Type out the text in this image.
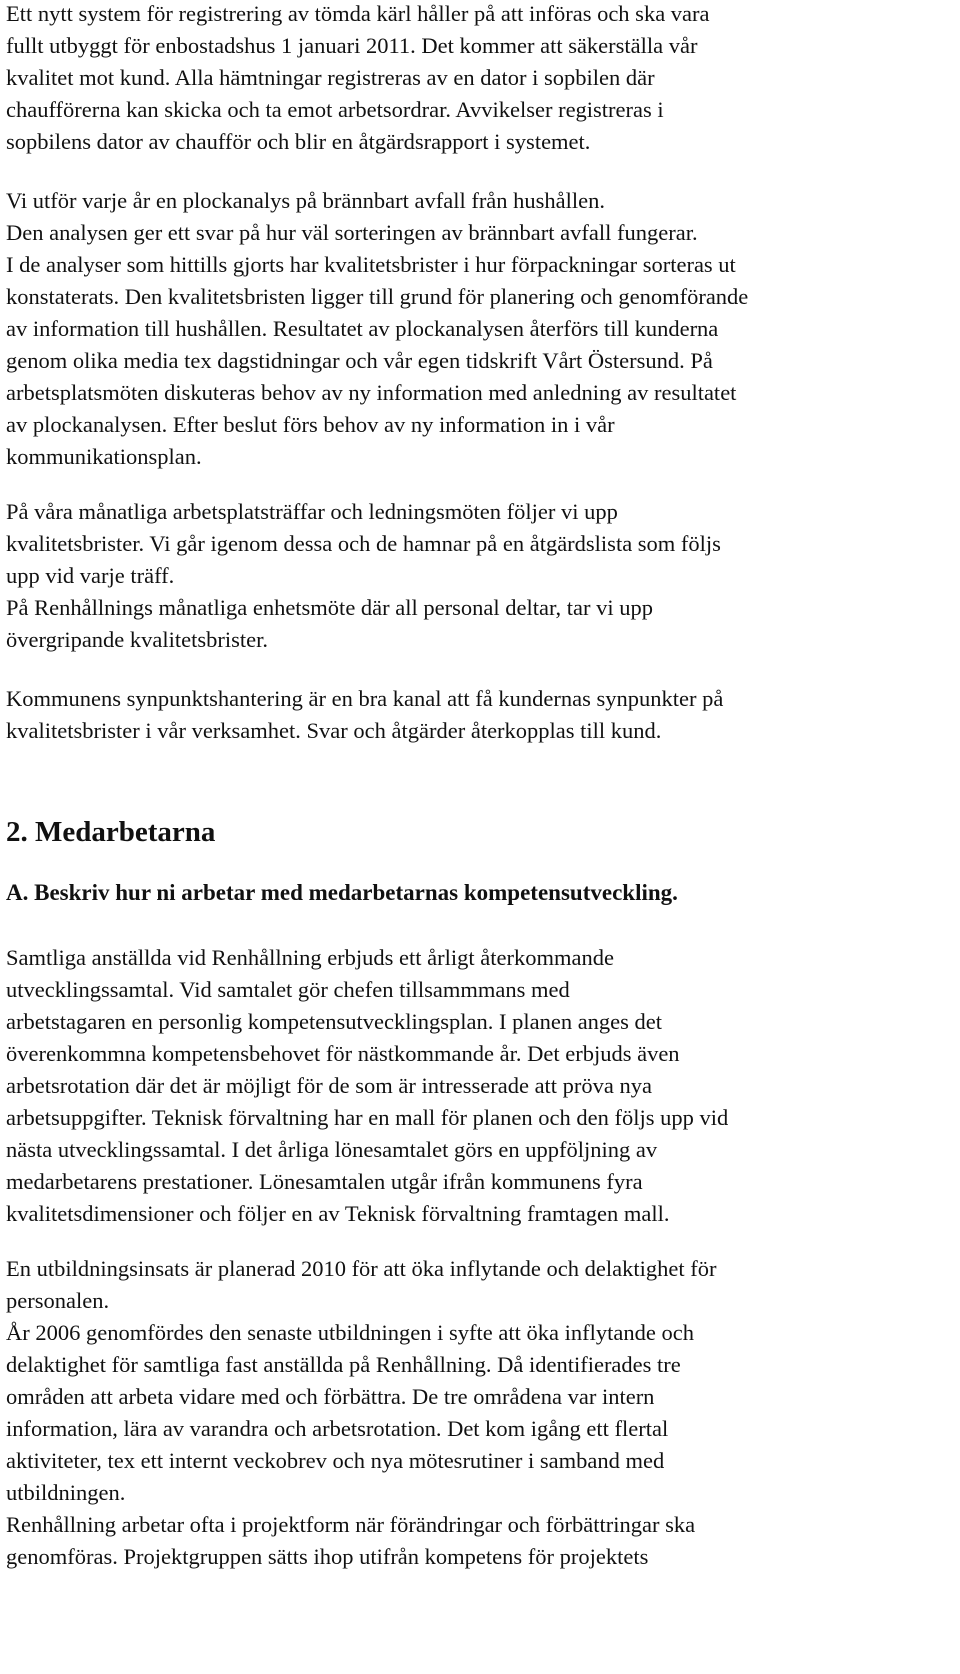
Ett nytt system för registrering av tömda kärl håller på att införas och ska vara
fullt utbyggt för enbostadshus 1 januari 2011. Det kommer att säkerställa vår
kvalitet mot kund. Alla hämtningar registreras av en dator i sopbilen där
chaufförerna kan skicka och ta emot arbetsordrar. Avvikelser registreras i
sopbilens dator av chaufför och blir en åtgärdsrapport i systemet.
Vi utför varje år en plockanalys på brännbart avfall från hushållen.
Den analysen ger ett svar på hur väl sorteringen av brännbart avfall fungerar.
I de analyser som hittills gjorts har kvalitetsbrister i hur förpackningar sorteras ut
konstaterats. Den kvalitetsbristen ligger till grund för planering och genomförande
av information till hushållen. Resultatet av plockanalysen återförs till kunderna
genom olika media tex dagstidningar och vår egen tidskrift Vårt Östersund. På
arbetsplatsmöten diskuteras behov av ny information med anledning av resultatet
av plockanalysen. Efter beslut förs behov av ny information in i vår
kommunikationsplan.
På våra månatliga arbetsplatsträffar och ledningsmöten följer vi upp
kvalitetsbrister. Vi går igenom dessa och de hamnar på en åtgärdslista som följs
upp vid varje träff.
På Renhållnings månatliga enhetsmöte där all personal deltar, tar vi upp
övergripande kvalitetsbrister.
Kommunens synpunktshantering är en bra kanal att få kundernas synpunkter på
kvalitetsbrister i vår verksamhet. Svar och åtgärder återkopplas till kund.
2. Medarbetarna
A. Beskriv hur ni arbetar med medarbetarnas kompetensutveckling.
Samtliga anställda vid Renhållning erbjuds ett årligt återkommande
utvecklingssamtal. Vid samtalet gör chefen tillsammmans med
arbetstagaren en personlig kompetensutvecklingsplan. I planen anges det
överenkommna kompetensbehovet för nästkommande år. Det erbjuds även
arbetsrotation där det är möjligt för de som är intresserade att pröva nya
arbetsuppgifter. Teknisk förvaltning har en mall för planen och den följs upp vid
nästa utvecklingssamtal. I det årliga lönesamtalet görs en uppföljning av
medarbetarens prestationer. Lönesamtalen utgår ifrån kommunens fyra
kvalitetsdimensioner och följer en av Teknisk förvaltning framtagen mall.
En utbildningsinsats är planerad 2010 för att öka inflytande och delaktighet för
personalen.
År 2006 genomfördes den senaste utbildningen i syfte att öka inflytande och
delaktighet för samtliga fast anställda på Renhållning. Då identifierades tre
områden att arbeta vidare med och förbättra. De tre områdena var intern
information, lära av varandra och arbetsrotation. Det kom igång ett flertal
aktiviteter, tex ett internt veckobrev och nya mötesrutiner i samband med
utbildningen.
Renhållning arbetar ofta i projektform när förändringar och förbättringar ska
genomföras. Projektgruppen sätts ihop utifrån kompetens för projektets
